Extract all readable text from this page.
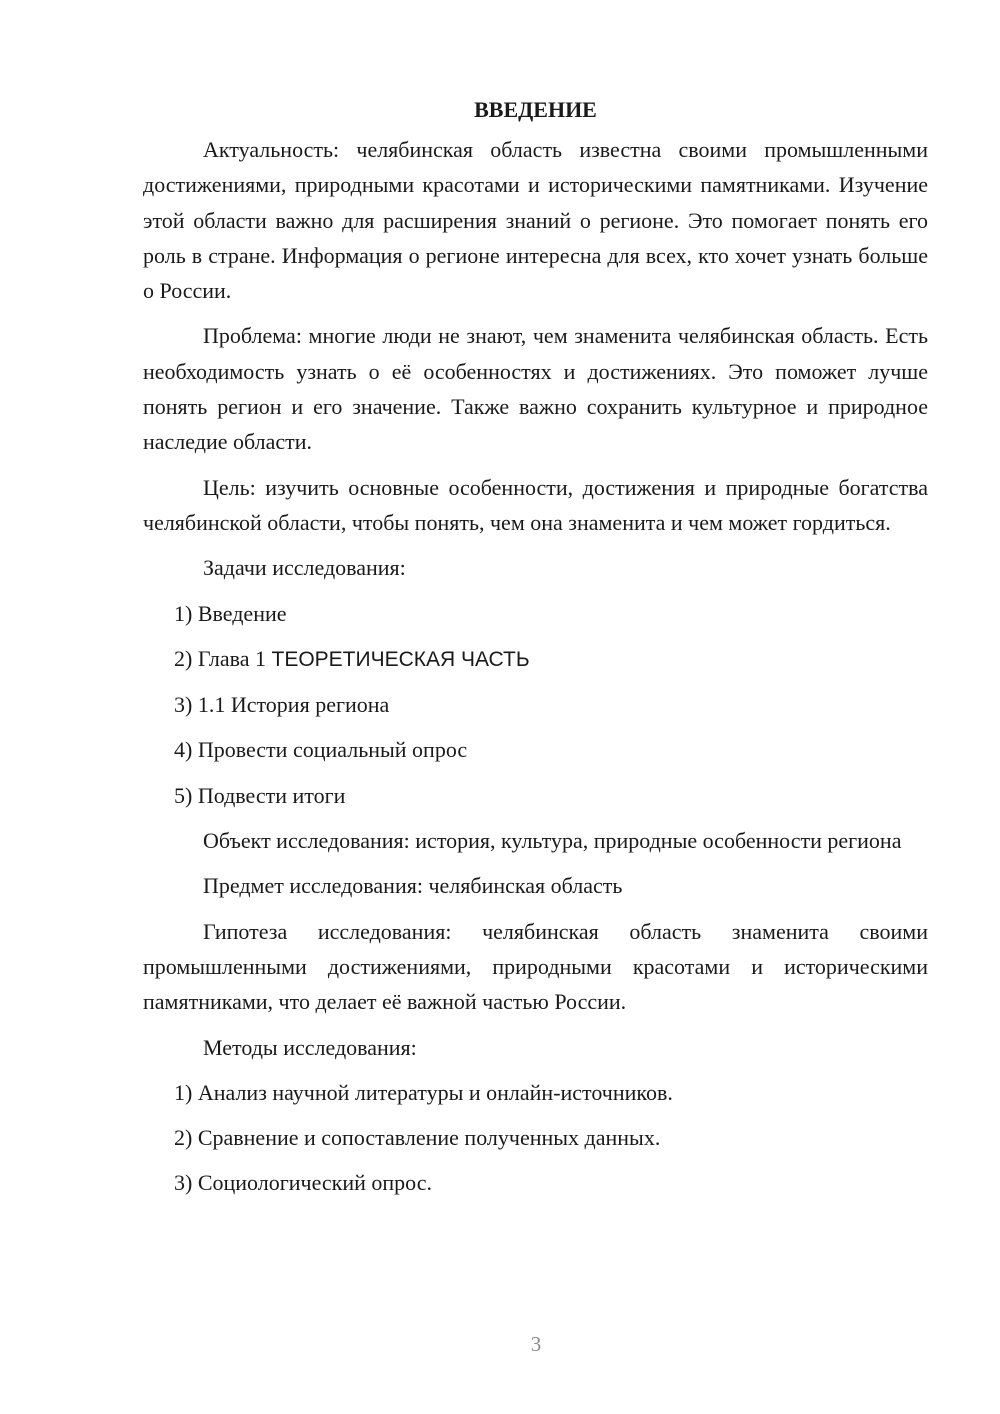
ВВЕДЕНИЕ

Актуальность: челябинская область известна своими промышленными достижениями, природными красотами и историческими памятниками. Изучение этой области важно для расширения знаний о регионе. Это помогает понять его роль в стране. Информация о регионе интересна для всех, кто хочет узнать больше о России.

Проблема: многие люди не знают, чем знаменита челябинская область. Есть необходимость узнать о её особенностях и достижениях. Это поможет лучше понять регион и его значение. Также важно сохранить культурное и природное наследие области.

Цель: изучить основные особенности, достижения и природные богатства челябинской области, чтобы понять, чем она знаменита и чем может гордиться.

Задачи исследования:

1) Введение
2) Глава 1 ТЕОРЕТИЧЕСКАЯ ЧАСТЬ
3) 1.1 История региона
4) Провести социальный опрос
5) Подвести итоги

Объект исследования: история, культура, природные особенности региона

Предмет исследования: челябинская область

Гипотеза исследования: челябинская область знаменита своими промышленными достижениями, природными красотами и историческими памятниками, что делает её важной частью России.

Методы исследования:

1) Анализ научной литературы и онлайн-источников.
2) Сравнение и сопоставление полученных данных.
3) Социологический опрос.
3
